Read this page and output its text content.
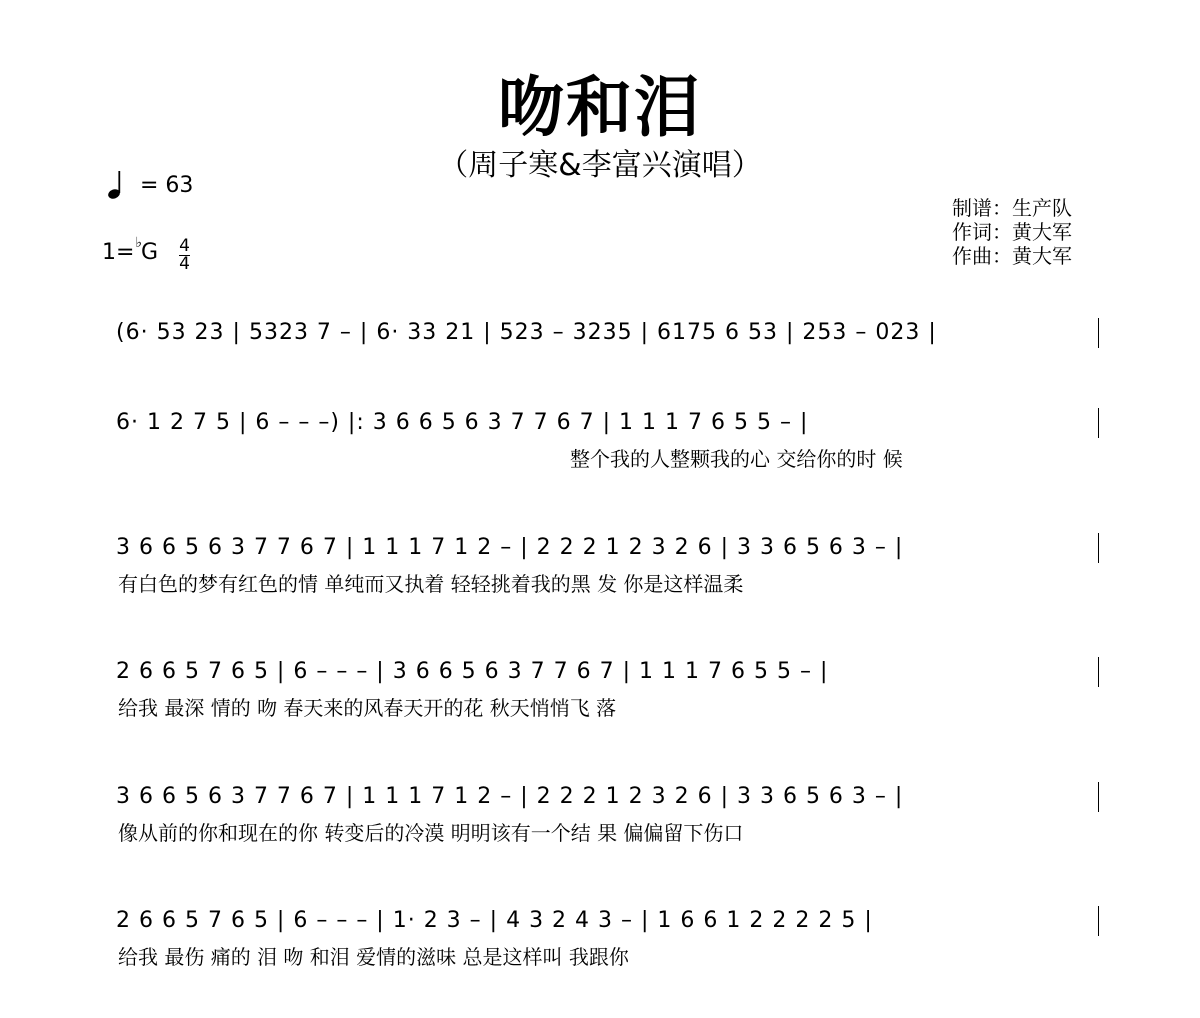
吻和泪
（周子寒&李富兴演唱）
= 63
$1=^♭G \frac{4}{4}$
制谱：生产队
作词：黄大军
作曲：黄大军
(6· 53 23 | 5323 7 – | 6· 33 21 | 523 – 3235 | 6175 6 53 | 253 – 023 |
6· 1 2 7 5 | 6 – – –) |: 3 6 6 5 6 3 7 7 6 7 | 1 1 1 7 6 5 5 – |
整个我的人整颗我的心 交给你的时 候
3 6 6 5 6 3 7 7 6 7 | 1 1 1 7 1 2 – | 2 2 2 1 2 3 2 6 | 3 3 6 5 6 3 – |
有白色的梦有红色的情 单纯而又执着 轻轻挑着我的黑 发 你是这样温柔
2 6 6 5 7 6 5 | 6 – – – | 3 6 6 5 6 3 7 7 6 7 | 1 1 1 7 6 5 5 – |
给我 最深 情的 吻 春天来的风春天开的花 秋天悄悄飞 落
3 6 6 5 6 3 7 7 6 7 | 1 1 1 7 1 2 – | 2 2 2 1 2 3 2 6 | 3 3 6 5 6 3 – |
像从前的你和现在的你 转变后的冷漠 明明该有一个结 果 偏偏留下伤口
2 6 6 5 7 6 5 | 6 – – – | 1· 2 3 – | 4 3 2 4 3 – | 1 6 6 1 2 2 2 2 5 |
给我 最伤 痛的 泪 吻 和泪 爱情的滋味 总是这样叫 我跟你
